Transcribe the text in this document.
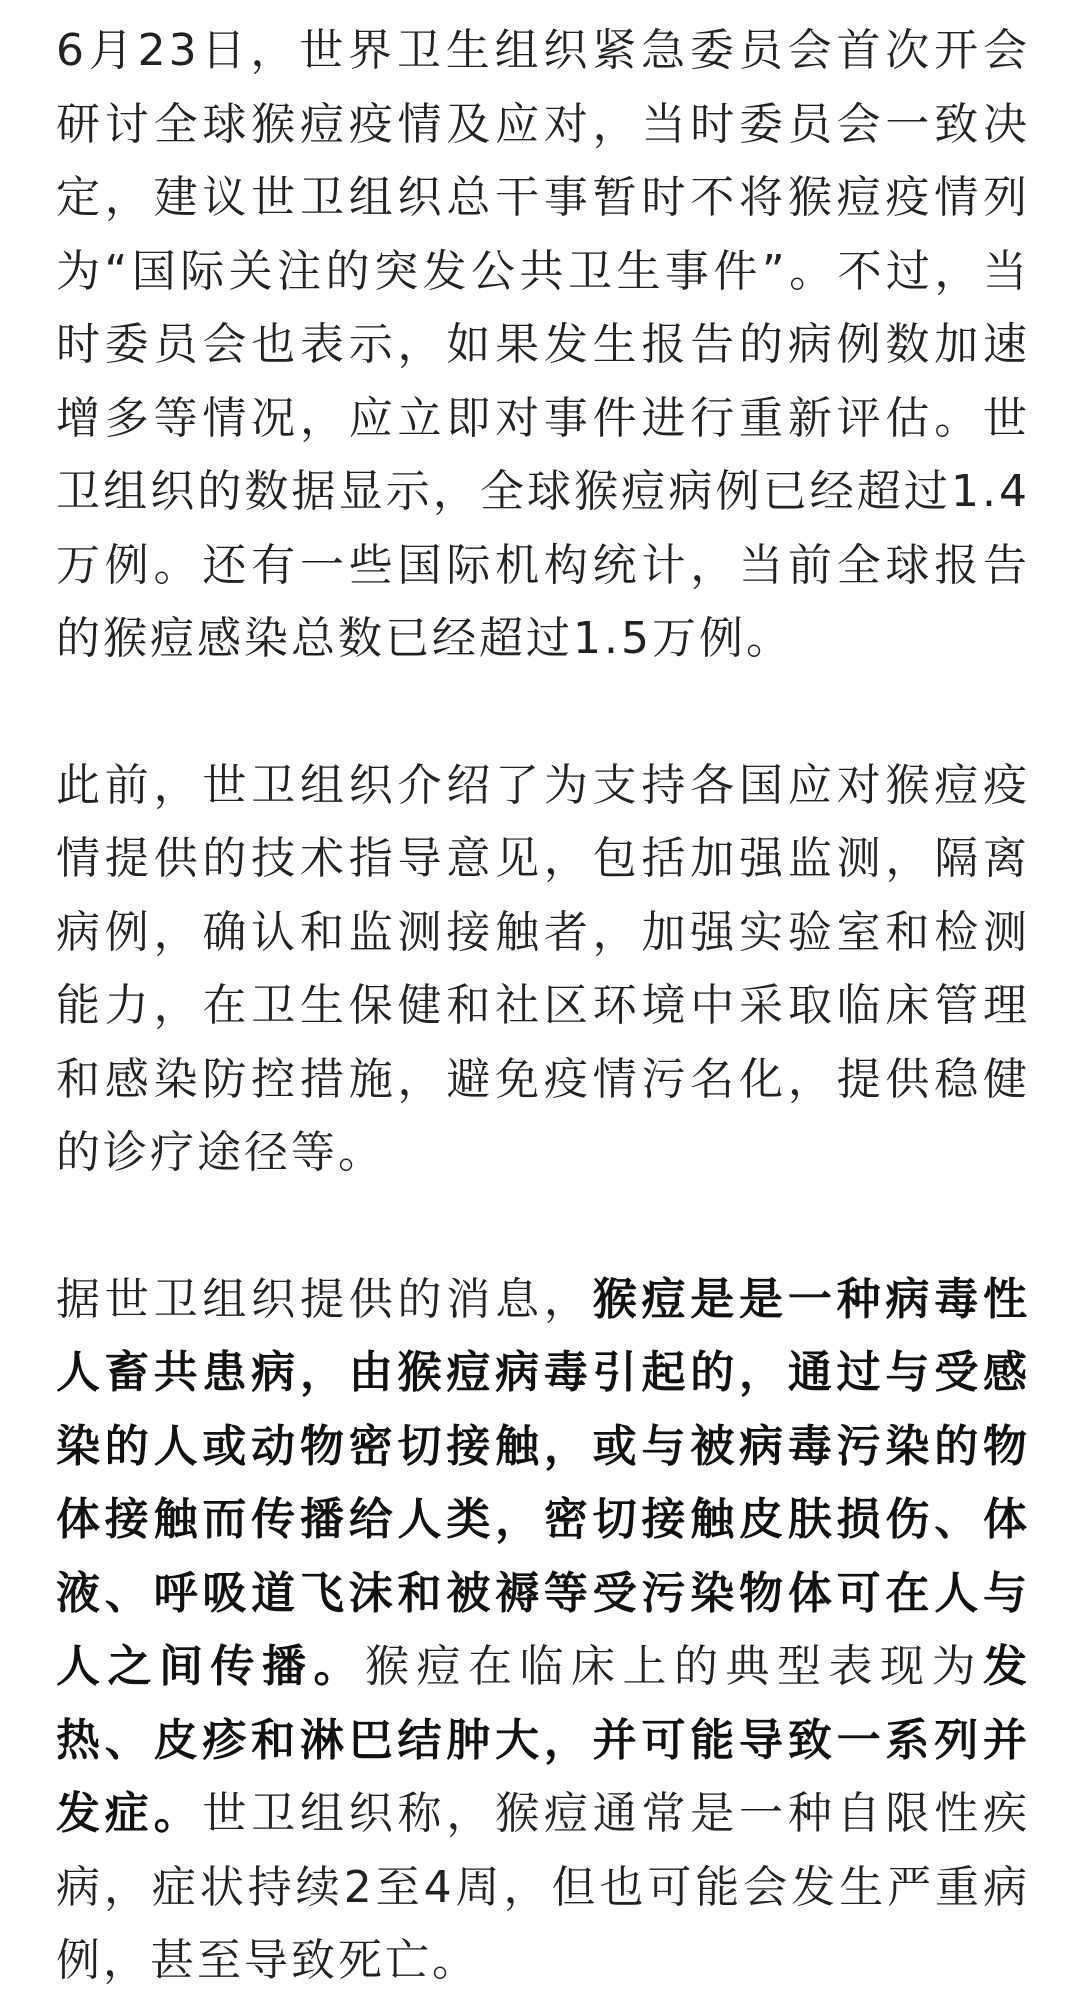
6月23日，世界卫生组织紧急委员会首次开会研讨全球猴痘疫情及应对，当时委员会一致决定，建议世卫组织总干事暂时不将猴痘疫情列为“国际关注的突发公共卫生事件”。不过，当时委员会也表示，如果发生报告的病例数加速增多等情况，应立即对事件进行重新评估。世卫组织的数据显示，全球猴痘病例已经超过1.4万例。还有一些国际机构统计，当前全球报告的猴痘感染总数已经超过1.5万例。

此前，世卫组织介绍了为支持各国应对猴痘疫情提供的技术指导意见，包括加强监测，隔离病例，确认和监测接触者，加强实验室和检测能力，在卫生保健和社区环境中采取临床管理和感染防控措施，避免疫情污名化，提供稳健的诊疗途径等。

据世卫组织提供的消息，猴痘是是一种病毒性人畜共患病，由猴痘病毒引起的，通过与受感染的人或动物密切接触，或与被病毒污染的物体接触而传播给人类，密切接触皮肤损伤、体液、呼吸道飞沫和被褥等受污染物体可在人与人之间传播。猴痘在临床上的典型表现为发热、皮疹和淋巴结肿大，并可能导致一系列并发症。世卫组织称，猴痘通常是一种自限性疾病，症状持续2至4周，但也可能会发生严重病例，甚至导致死亡。
